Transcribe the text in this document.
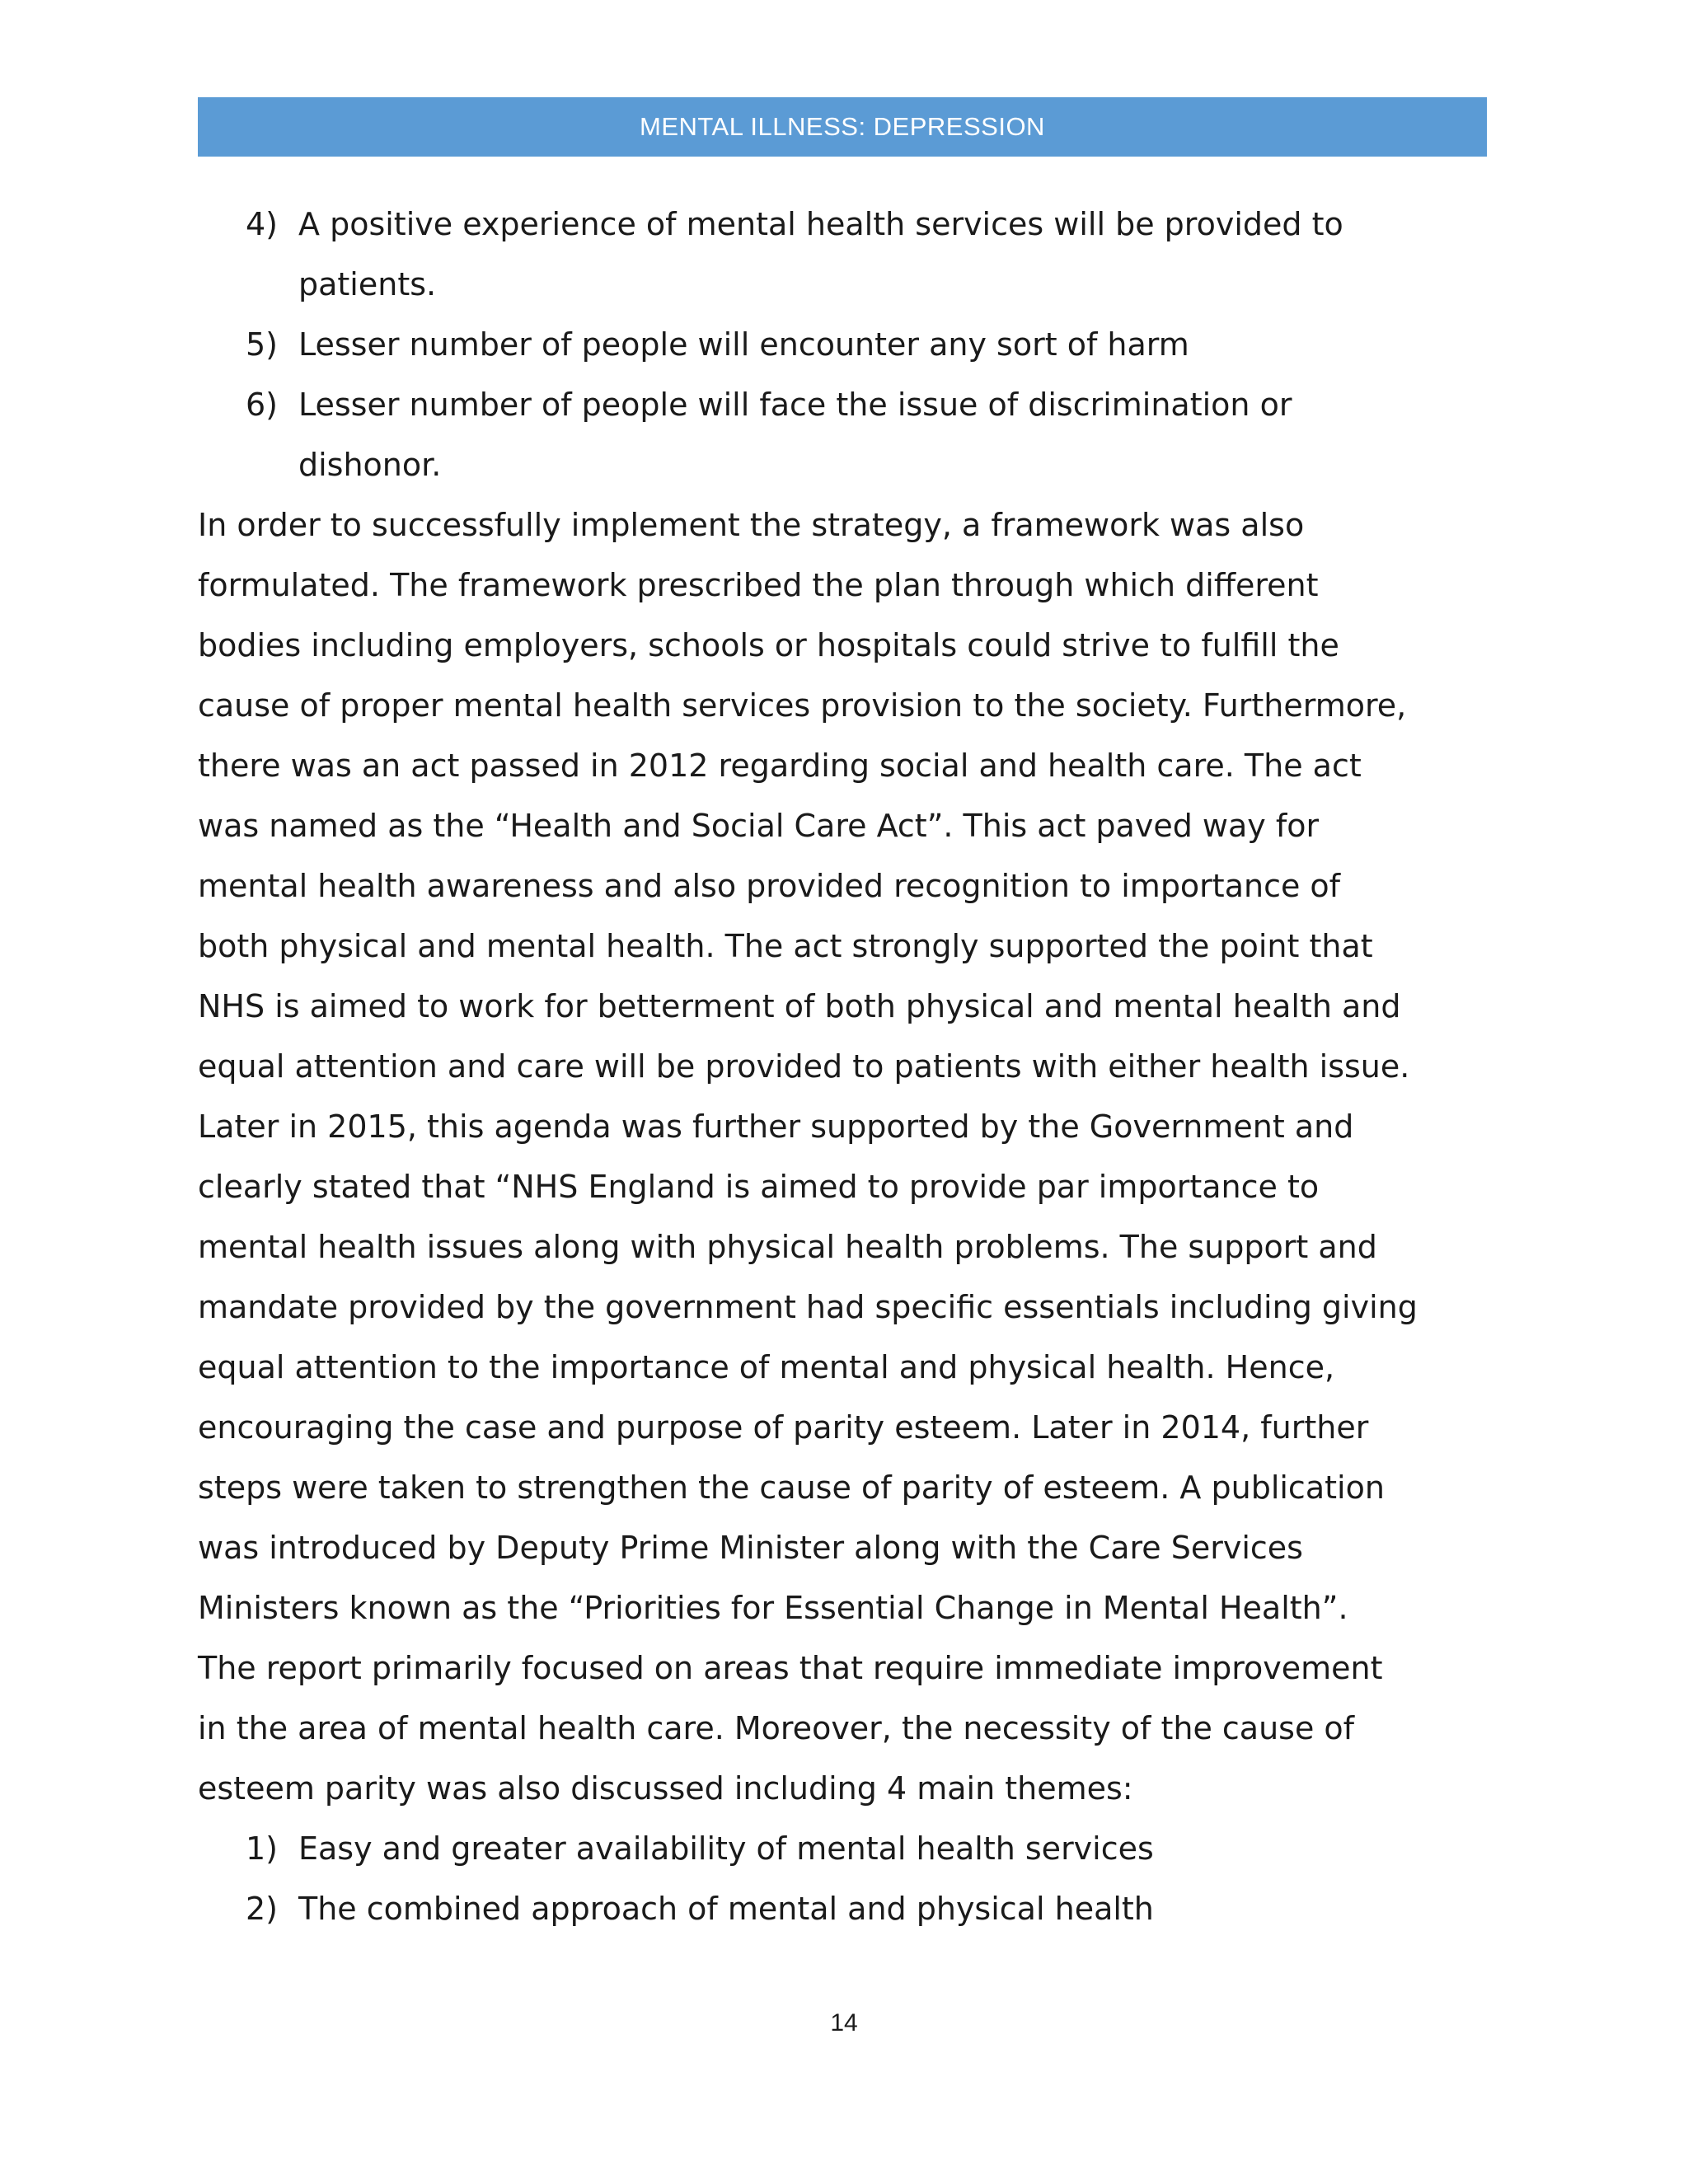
MENTAL ILLNESS: DEPRESSION
4) A positive experience of mental health services will be provided to
patients.
5) Lesser number of people will encounter any sort of harm
6) Lesser number of people will face the issue of discrimination or
dishonor.

In order to successfully implement the strategy, a framework was also
formulated. The framework prescribed the plan through which different
bodies including employers, schools or hospitals could strive to fulfill the
cause of proper mental health services provision to the society. Furthermore,
there was an act passed in 2012 regarding social and health care. The act
was named as the “Health and Social Care Act”. This act paved way for
mental health awareness and also provided recognition to importance of
both physical and mental health. The act strongly supported the point that
NHS is aimed to work for betterment of both physical and mental health and
equal attention and care will be provided to patients with either health issue.
Later in 2015, this agenda was further supported by the Government and
clearly stated that “NHS England is aimed to provide par importance to
mental health issues along with physical health problems. The support and
mandate provided by the government had specific essentials including giving
equal attention to the importance of mental and physical health. Hence,
encouraging the case and purpose of parity esteem. Later in 2014, further
steps were taken to strengthen the cause of parity of esteem. A publication
was introduced by Deputy Prime Minister along with the Care Services
Ministers known as the “Priorities for Essential Change in Mental Health”.
The report primarily focused on areas that require immediate improvement
in the area of mental health care. Moreover, the necessity of the cause of
esteem parity was also discussed including 4 main themes:

1) Easy and greater availability of mental health services
2) The combined approach of mental and physical health
14
